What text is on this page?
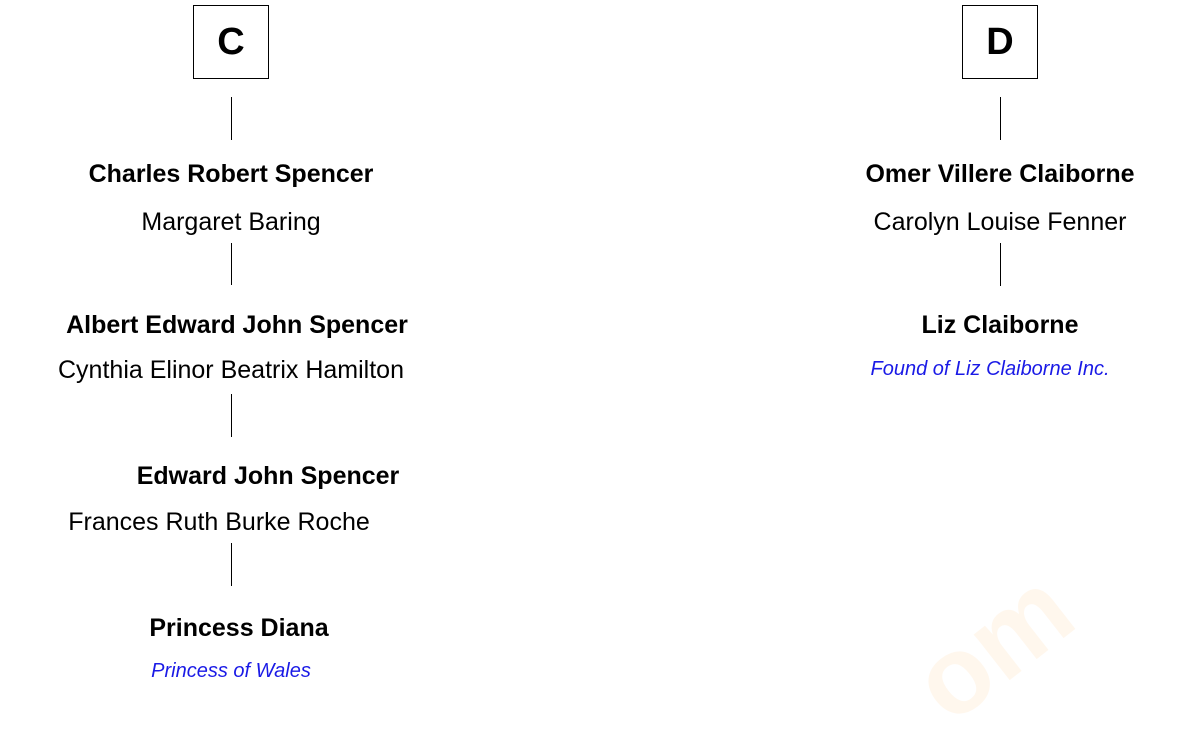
C
Charles Robert Spencer
Margaret Baring
Albert Edward John Spencer
Cynthia Elinor Beatrix Hamilton
Edward John Spencer
Frances Ruth Burke Roche
Princess Diana
Princess of Wales
D
Omer Villere Claiborne
Carolyn Louise Fenner
Liz Claiborne
Found of Liz Claiborne Inc.
om
